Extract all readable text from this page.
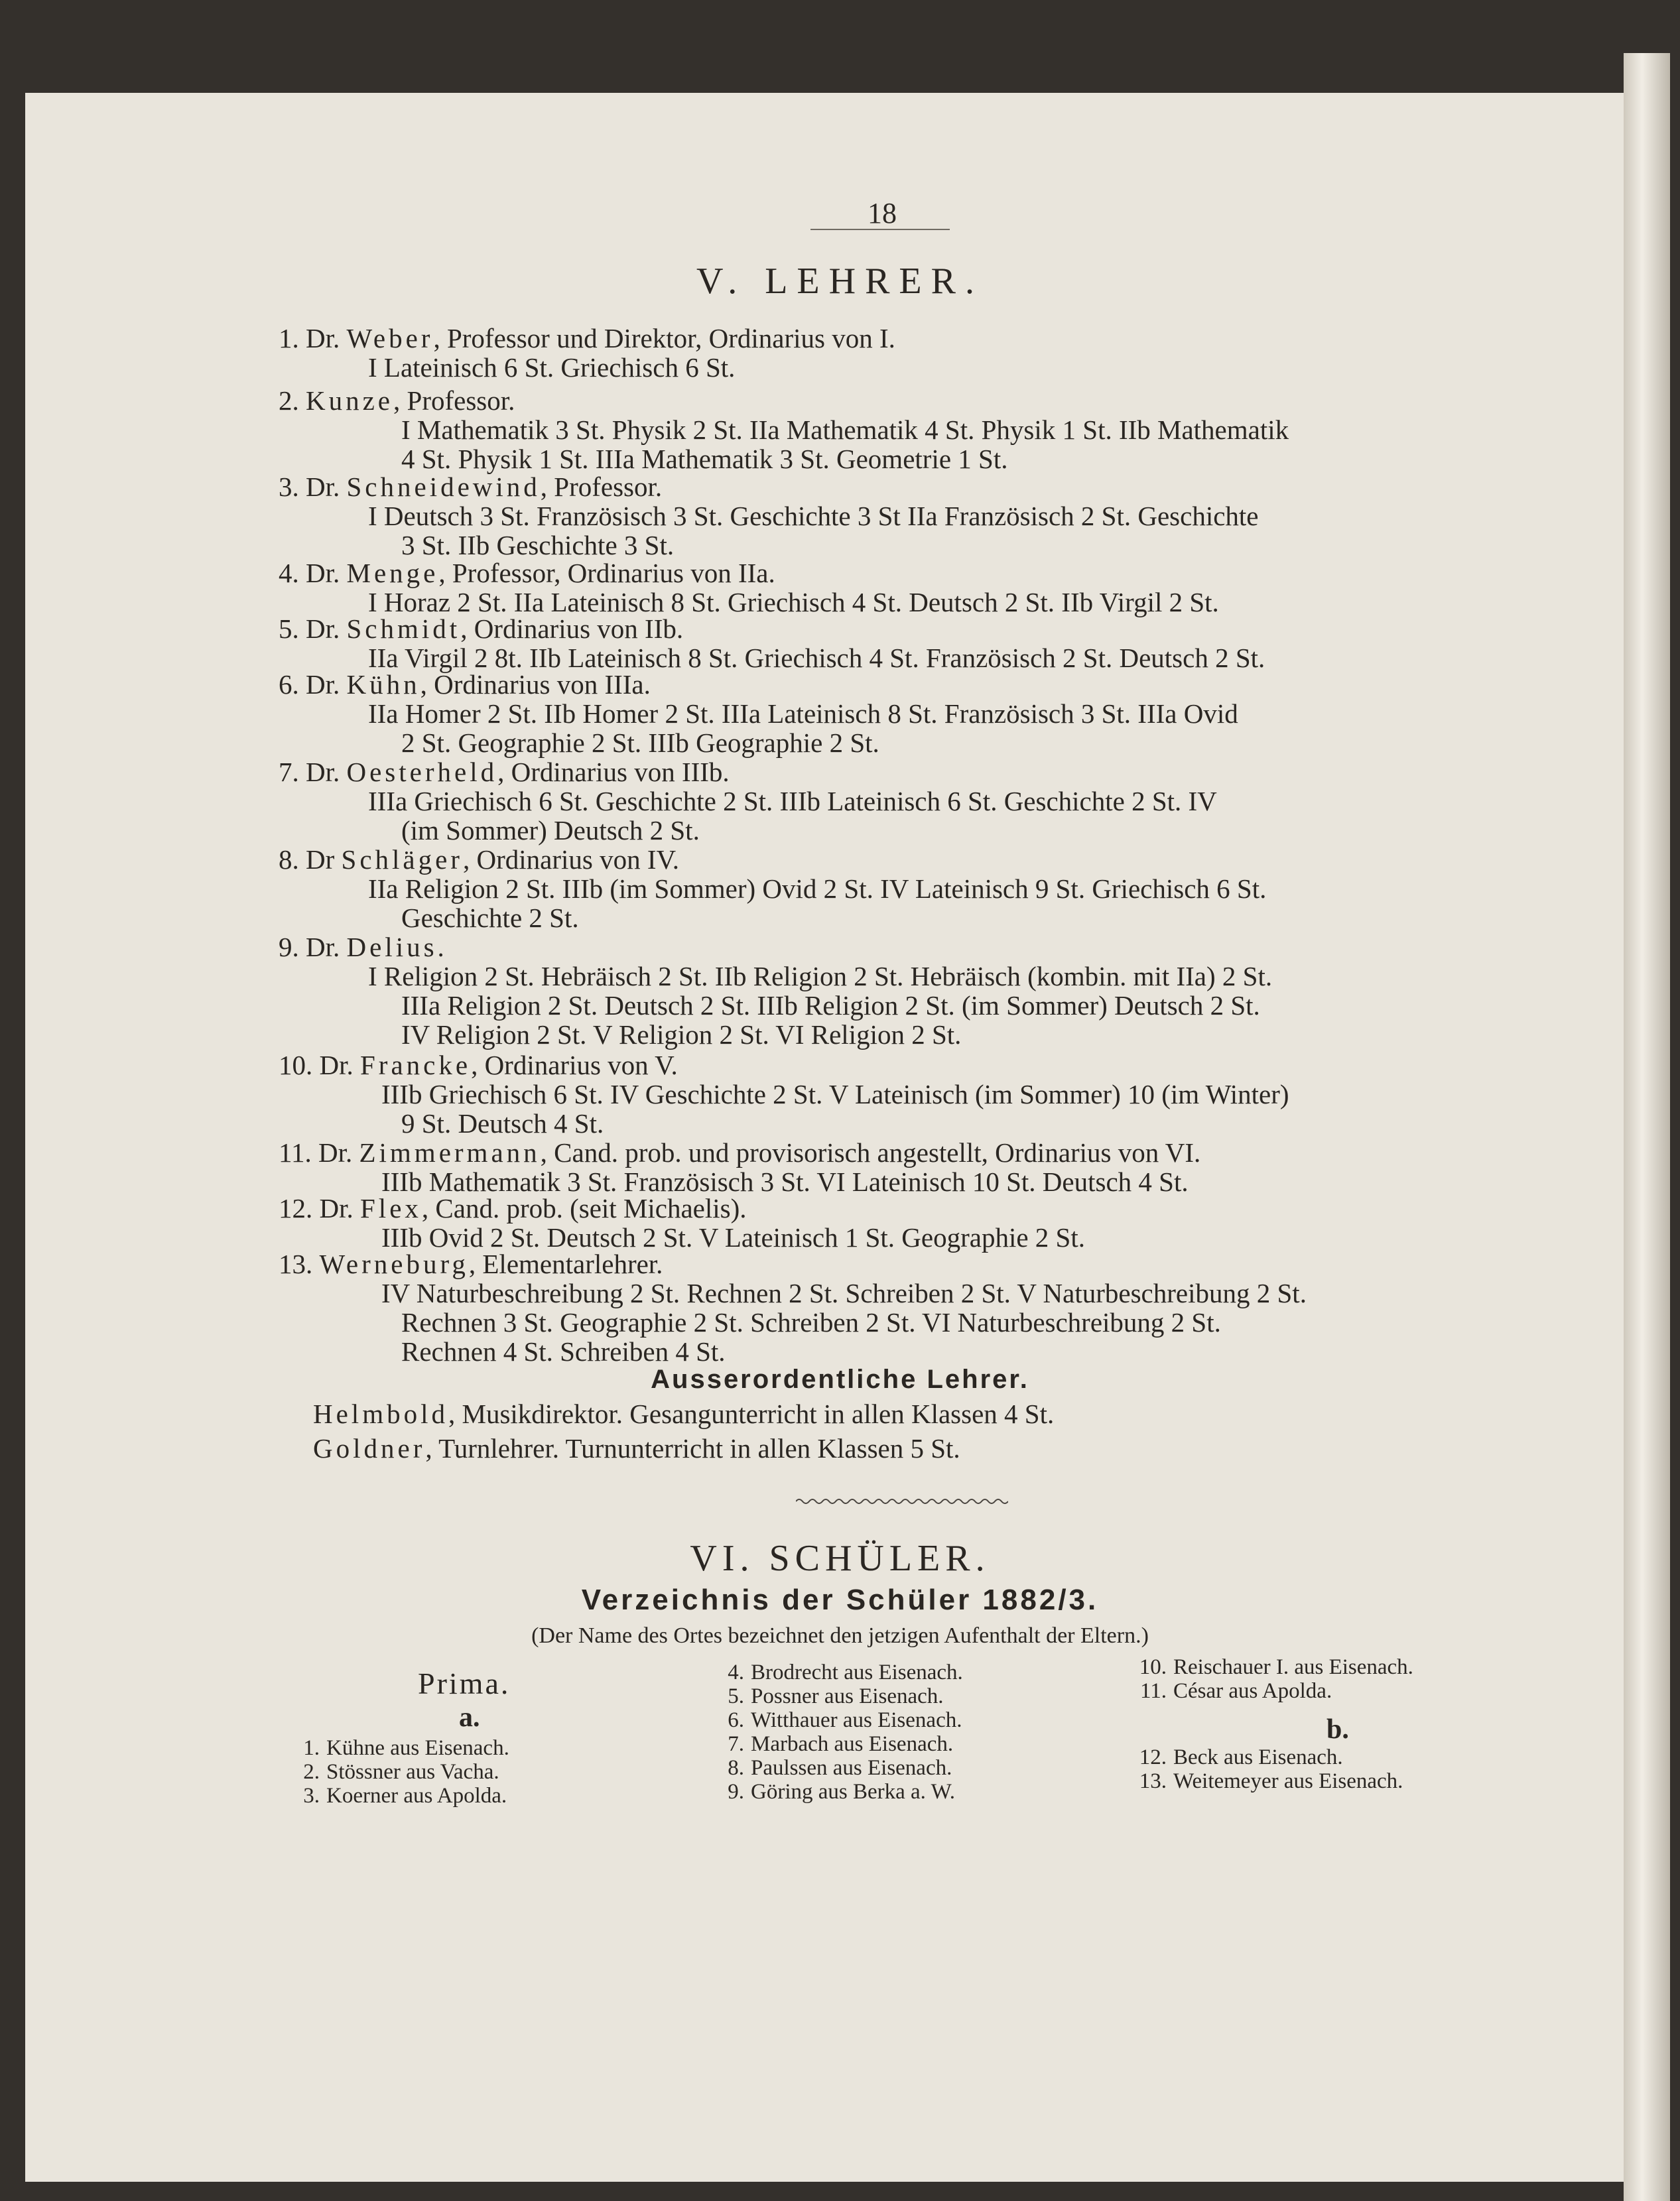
18
V. LEHRER.
1. Dr. Weber, Professor und Direktor, Ordinarius von I.
I Lateinisch 6 St. Griechisch 6 St.
2. Kunze, Professor.
I Mathematik 3 St. Physik 2 St. IIa Mathematik 4 St. Physik 1 St. IIb Mathematik
4 St. Physik 1 St. IIIa Mathematik 3 St. Geometrie 1 St.
3. Dr. Schneidewind, Professor.
I Deutsch 3 St. Französisch 3 St. Geschichte 3 St IIa Französisch 2 St. Geschichte
3 St. IIb Geschichte 3 St.
4. Dr. Menge, Professor, Ordinarius von IIa.
I Horaz 2 St. IIa Lateinisch 8 St. Griechisch 4 St. Deutsch 2 St. IIb Virgil 2 St.
5. Dr. Schmidt, Ordinarius von IIb.
IIa Virgil 2 8t. IIb Lateinisch 8 St. Griechisch 4 St. Französisch 2 St. Deutsch 2 St.
6. Dr. Kühn, Ordinarius von IIIa.
IIa Homer 2 St. IIb Homer 2 St. IIIa Lateinisch 8 St. Französisch 3 St. IIIa Ovid
2 St. Geographie 2 St. IIIb Geographie 2 St.
7. Dr. Oesterheld, Ordinarius von IIIb.
IIIa Griechisch 6 St. Geschichte 2 St. IIIb Lateinisch 6 St. Geschichte 2 St. IV
(im Sommer) Deutsch 2 St.
8. Dr Schläger, Ordinarius von IV.
IIa Religion 2 St. IIIb (im Sommer) Ovid 2 St. IV Lateinisch 9 St. Griechisch 6 St.
Geschichte 2 St.
9. Dr. Delius.
I Religion 2 St. Hebräisch 2 St. IIb Religion 2 St. Hebräisch (kombin. mit IIa) 2 St.
IIIa Religion 2 St. Deutsch 2 St. IIIb Religion 2 St. (im Sommer) Deutsch 2 St.
IV Religion 2 St. V Religion 2 St. VI Religion 2 St.
10. Dr. Francke, Ordinarius von V.
IIIb Griechisch 6 St. IV Geschichte 2 St. V Lateinisch (im Sommer) 10 (im Winter)
9 St. Deutsch 4 St.
11. Dr. Zimmermann, Cand. prob. und provisorisch angestellt, Ordinarius von VI.
IIIb Mathematik 3 St. Französisch 3 St. VI Lateinisch 10 St. Deutsch 4 St.
12. Dr. Flex, Cand. prob. (seit Michaelis).
IIIb Ovid 2 St. Deutsch 2 St. V Lateinisch 1 St. Geographie 2 St.
13. Werneburg, Elementarlehrer.
IV Naturbeschreibung 2 St. Rechnen 2 St. Schreiben 2 St. V Naturbeschreibung 2 St.
Rechnen 3 St. Geographie 2 St. Schreiben 2 St. VI Naturbeschreibung 2 St.
Rechnen 4 St. Schreiben 4 St.
Ausserordentliche Lehrer.
Helmbold, Musikdirektor. Gesangunterricht in allen Klassen 4 St.
Goldner, Turnlehrer. Turnunterricht in allen Klassen 5 St.
VI. SCHÜLER.
Verzeichnis der Schüler 1882/3.
(Der Name des Ortes bezeichnet den jetzigen Aufenthalt der Eltern.)
Prima.
a.
1. Kühne aus Eisenach.
2. Stössner aus Vacha.
3. Koerner aus Apolda.
4. Brodrecht aus Eisenach.
5. Possner aus Eisenach.
6. Witthauer aus Eisenach.
7. Marbach aus Eisenach.
8. Paulssen aus Eisenach.
9. Göring aus Berka a. W.
10. Reischauer I. aus Eisenach.
11. César aus Apolda.
b.
12. Beck aus Eisenach.
13. Weitemeyer aus Eisenach.
